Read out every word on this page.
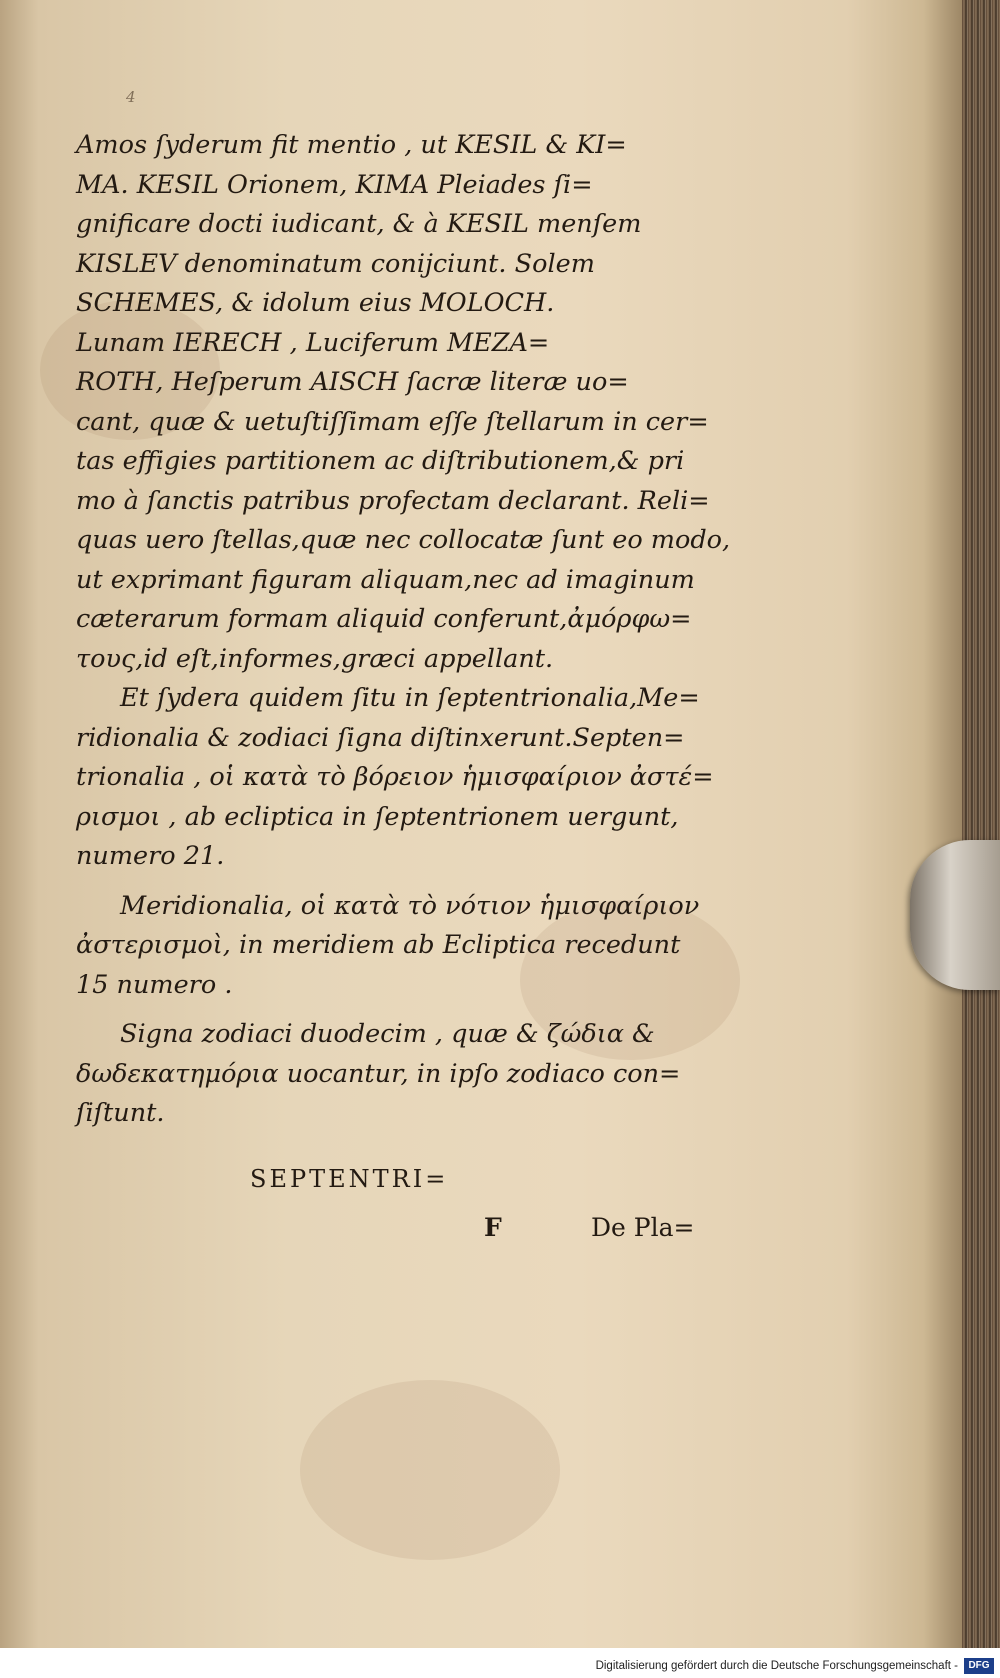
4
Amos ſyderum fit mentio , ut KESIL & KI=
MA. KESIL Orionem, KIMA Pleiades ſi=
gnificare docti iudicant, & à KESIL menſem
KISLEV denominatum conijciunt. Solem
SCHEMES, & idolum eius MOLOCH.
Lunam IERECH , Luciferum MEZA=
ROTH, Heſperum AISCH ſacræ literæ uo=
cant, quæ & uetuſtiſſimam eſſe ſtellarum in cer=
tas effigies partitionem ac diſtributionem,& pri
mo à ſanctis patribus profectam declarant. Reli=
quas uero ſtellas,quæ nec collocatæ ſunt eo modo,
ut exprimant figuram aliquam,nec ad imaginum
cæterarum formam aliquid conferunt,ἀμόρφω=
τους,id eſt,informes,græci appellant.
Et ſydera quidem ſitu in ſeptentrionalia,Me=
ridionalia & zodiaci ſigna diſtinxerunt.Septen=
trionalia , οἱ κατὰ τὸ βόρειον ἡμισφαίριον ἀστέ=
ρισμοι , ab ecliptica in ſeptentrionem uergunt,
numero 21.
Meridionalia, οἱ κατὰ τὸ νότιον ἡμισφαίριον
ἀστερισμοὶ, in meridiem ab Ecliptica recedunt
15 numero .
Signa zodiaci duodecim , quæ & ζώδια &
δωδεκατημόρια uocantur, in ipſo zodiaco con=
ſiſtunt.
SEPTENTRI=
F	De Pla=
Digitalisierung gefördert durch die Deutsche Forschungsgemeinschaft -	DFG
